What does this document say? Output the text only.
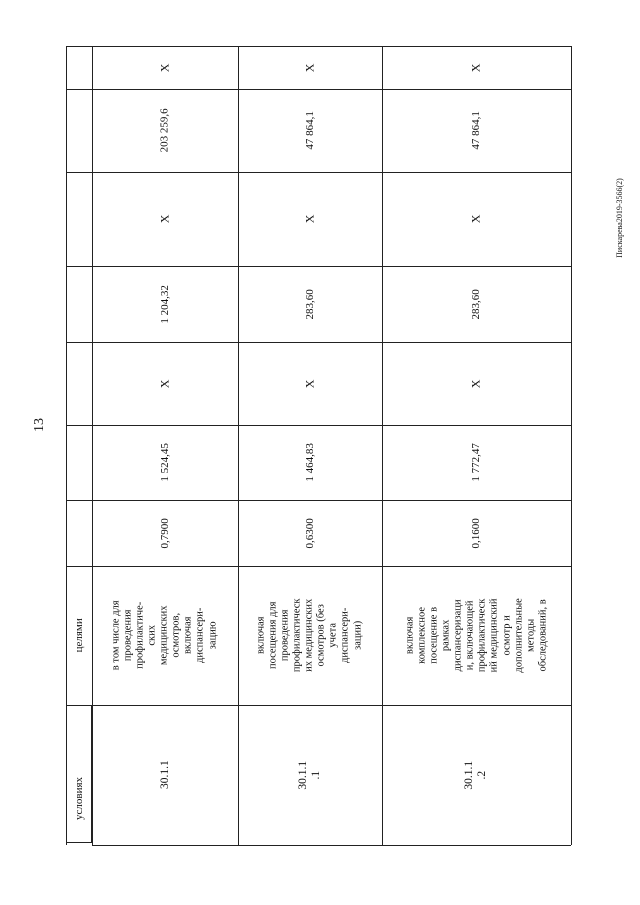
13
Пискарева2019-3566(2)
условиях
целями
X
203 259,6
X
1 204,32
X
1 524,45
0,7900
в том числе для
проведения
профилактиче-
ских
медицинских
осмотров,
включая
диспансери-
зацию
30.1.1
X
47 864,1
X
283,60
X
1 464,83
0,6300
включая
посещения для
проведения
профилактическ
их медицинских
осмотров (без
учета
диспансери-
зации)
30.1.1
.1
X
47 864,1
X
283,60
X
1 772,47
0,1600
включая
комплексное
посещение в
рамках
диспансеризаци
и, включающей
профилактическ
ий медицинский
осмотр и
дополнительные
методы
обследований, в
30.1.1
.2
